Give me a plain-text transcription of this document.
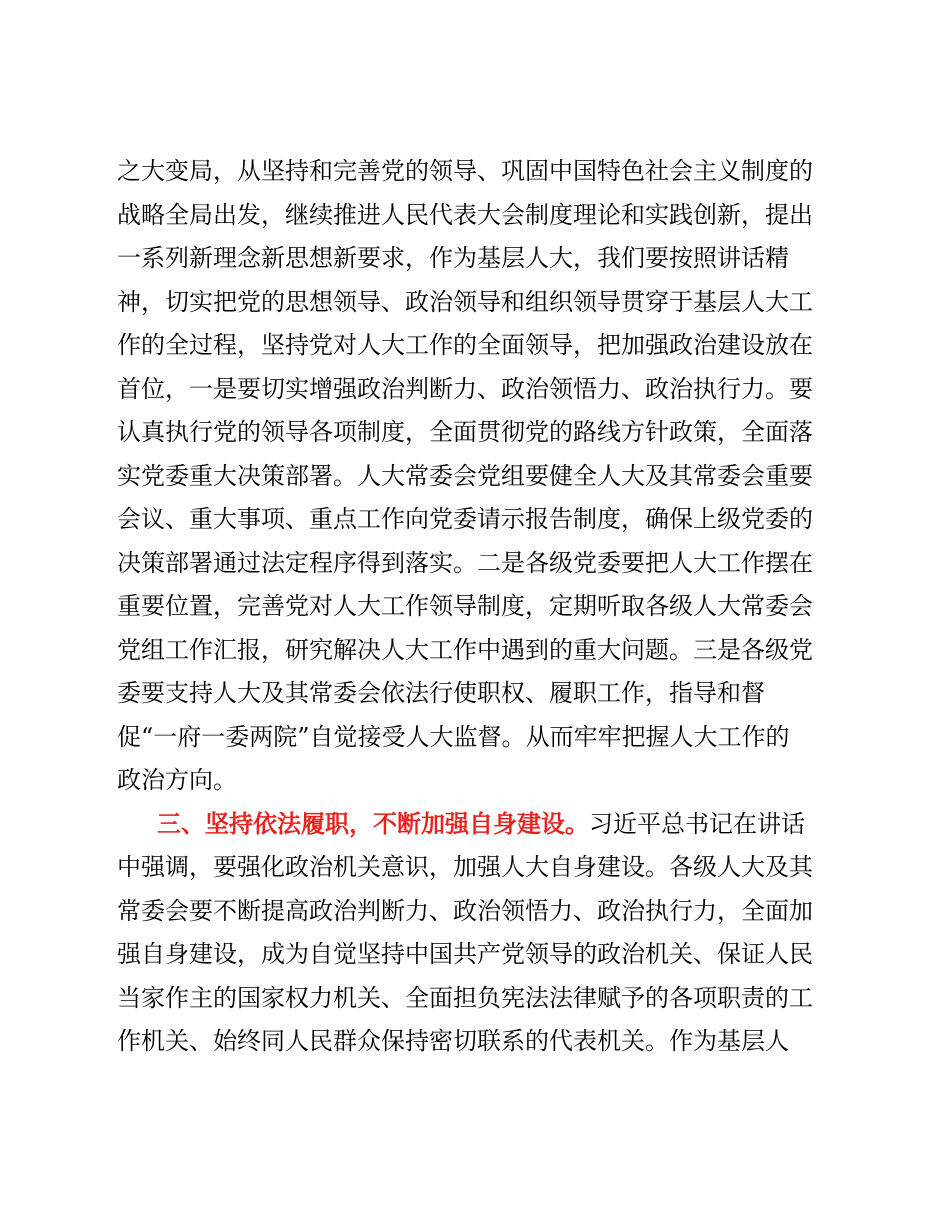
之大变局，从坚持和完善党的领导、巩固中国特色社会主义制度的
战略全局出发，继续推进人民代表大会制度理论和实践创新，提出
一系列新理念新思想新要求，作为基层人大，我们要按照讲话精
神，切实把党的思想领导、政治领导和组织领导贯穿于基层人大工
作的全过程，坚持党对人大工作的全面领导，把加强政治建设放在
首位，一是要切实增强政治判断力、政治领悟力、政治执行力。要
认真执行党的领导各项制度，全面贯彻党的路线方针政策，全面落
实党委重大决策部署。人大常委会党组要健全人大及其常委会重要
会议、重大事项、重点工作向党委请示报告制度，确保上级党委的
决策部署通过法定程序得到落实。二是各级党委要把人大工作摆在
重要位置，完善党对人大工作领导制度，定期听取各级人大常委会
党组工作汇报，研究解决人大工作中遇到的重大问题。三是各级党
委要支持人大及其常委会依法行使职权、履职工作，指导和督
促“一府一委两院”自觉接受人大监督。从而牢牢把握人大工作的
政治方向。
三、坚持依法履职，不断加强自身建设。习近平总书记在讲话
中强调，要强化政治机关意识，加强人大自身建设。各级人大及其
常委会要不断提高政治判断力、政治领悟力、政治执行力，全面加
强自身建设，成为自觉坚持中国共产党领导的政治机关、保证人民
当家作主的国家权力机关、全面担负宪法法律赋予的各项职责的工
作机关、始终同人民群众保持密切联系的代表机关。作为基层人
